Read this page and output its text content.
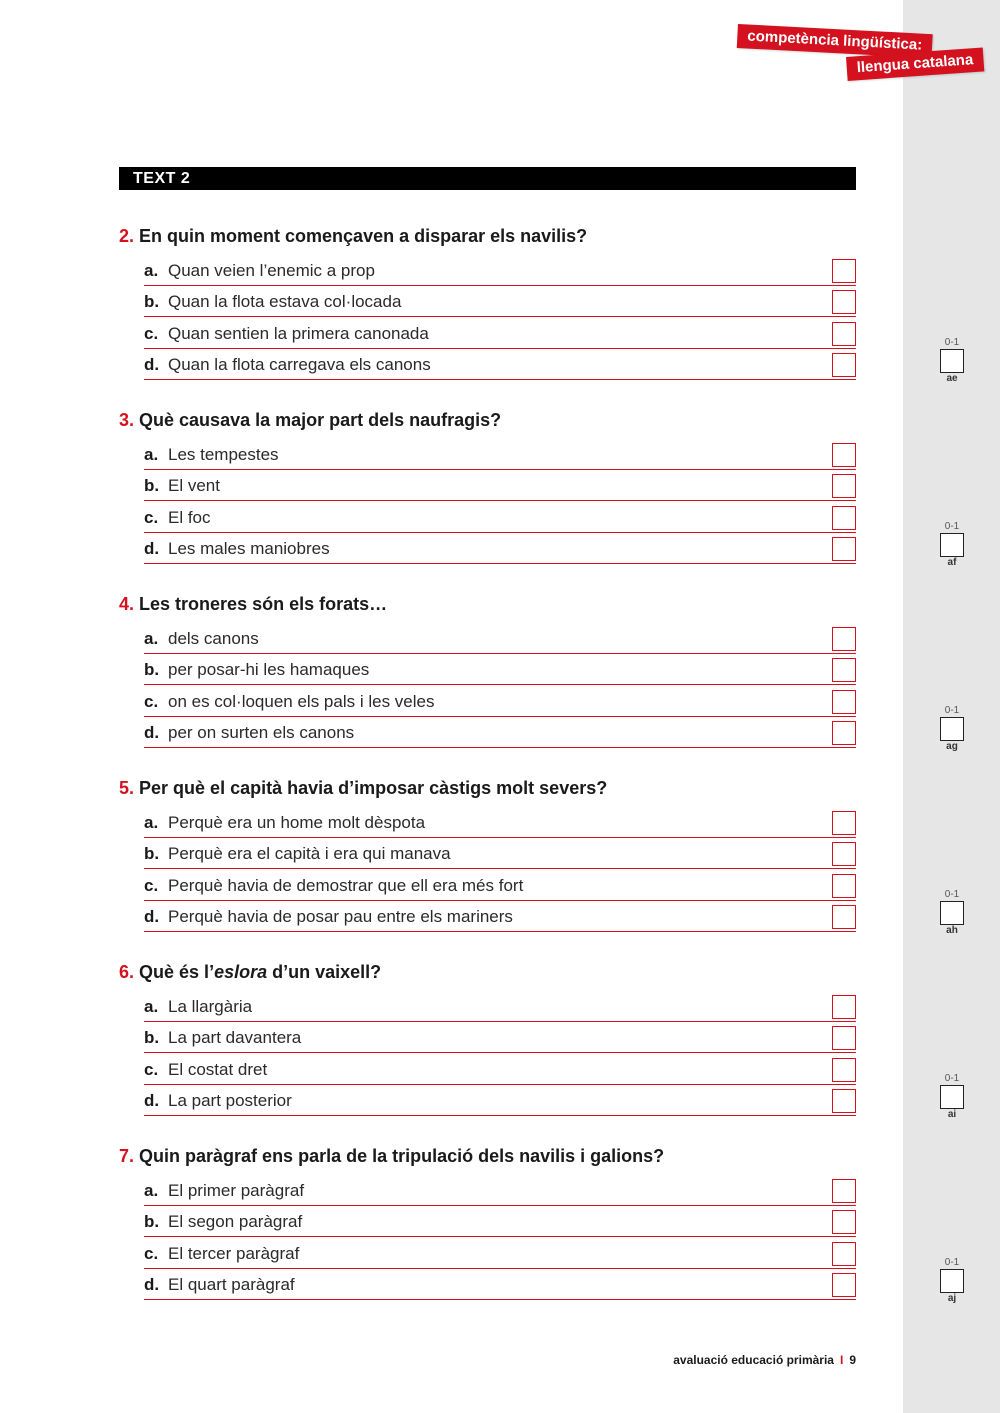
competència lingüística:
llengua catalana
TEXT 2
2. En quin moment començaven a disparar els navilis?
a. Quan veien l’enemic a prop
b. Quan la flota estava col·locada
c. Quan sentien la primera canonada
d. Quan la flota carregava els canons
3. Què causava la major part dels naufragis?
a. Les tempestes
b. El vent
c. El foc
d. Les males maniobres
4. Les troneres són els forats…
a. dels canons
b. per posar-hi les hamaques
c. on es col·loquen els pals i les veles
d. per on surten els canons
5. Per què el capità havia d’imposar càstigs molt severs?
a. Perquè era un home molt dèspota
b. Perquè era el capità i era qui manava
c. Perquè havia de demostrar que ell era més fort
d. Perquè havia de posar pau entre els mariners
6. Què és l’eslora d’un vaixell?
a. La llargària
b. La part davantera
c. El costat dret
d. La part posterior
7. Quin paràgraf ens parla de la tripulació dels navilis i galions?
a. El primer paràgraf
b. El segon paràgraf
c. El tercer paràgraf
d. El quart paràgraf
0-1
ae
0-1
af
0-1
ag
0-1
ah
0-1
ai
0-1
aj
avaluació educació primària I 9
